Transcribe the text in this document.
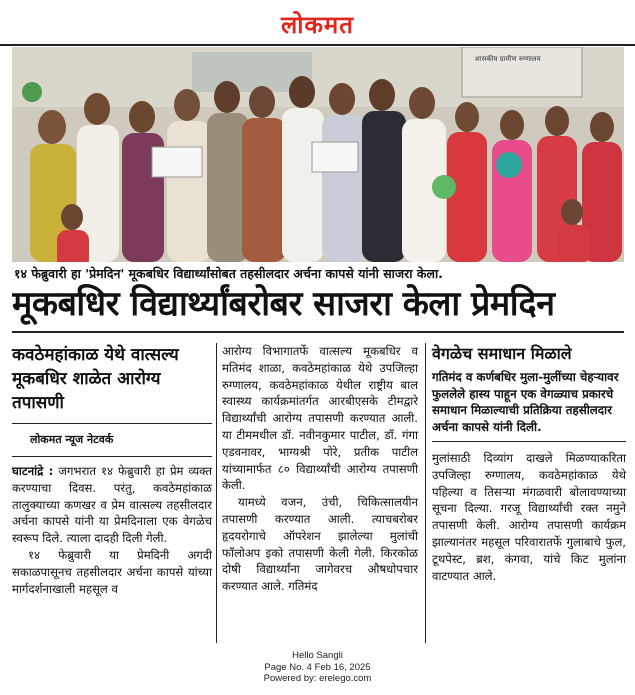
लोकमत
शासकीय ग्रामीण रुग्णालय
१४ फेब्रुवारी हा 'प्रेमदिन' मूकबधिर विद्यार्थ्यांसोबत तहसीलदार अर्चना कापसे यांनी साजरा केला.
मूकबधिर विद्यार्थ्यांबरोबर साजरा केला प्रेमदिन
कवठेमहांकाळ येथे वात्सल्य मूकबधिर शाळेत आरोग्य तपासणी
लोकमत न्यूज नेटवर्क

घाटनांद्रे : जगभरात १४ फेब्रुवारी हा प्रेम व्यक्त करण्याचा दिवस. परंतु, कवठेमहांकाळ तालुक्याच्या कणखर व प्रेम वात्सल्य तहसीलदार अर्चना कापसे यांनी या प्रेमदिनाला एक वेगळेच स्वरूप दिले. त्याला दादही दिली गेली.

१४ फेब्रुवारी या प्रेमदिनी अगदी सकाळपासूनच तहसीलदार अर्चना कापसे यांच्या मार्गदर्शनाखाली महसूल व

आरोग्य विभागातर्फे वात्सल्य मूकबधिर व मतिमंद शाळा, कवठेमहांकाळ येथे उपजिल्हा रुग्णालय, कवठेमहांकाळ येथील राष्ट्रीय बाल स्वास्थ्य कार्यक्रमांतर्गत आरबीएसके टीमद्वारे विद्यार्थ्यांची आरोग्य तपासणी करण्यात आली. या टीममधील डॉ. नवीनकुमार पाटील, डॉ. गंगा एडवनावर, भाग्यश्री पोरे, प्रतीक पाटील यांच्यामार्फत ८० विद्यार्थ्यांची आरोग्य तपासणी केली.

यामध्ये वजन, उंची, चिकित्सालयीन तपासणी करण्यात आली. त्याचबरोबर हृदयरोगाचे ऑपरेशन झालेल्या मुलांची फॉलोअप इको तपासणी केली गेली. किरकोळ दोषी विद्यार्थ्यांना जागेवरच औषधोपचार करण्यात आले. गतिमंद

वेगळेच समाधान मिळाले
गतिमंद व कर्णबधिर मुला-मुलींच्या चेहऱ्यावर फुललेले हास्य पाहून एक वेगळ्याच प्रकारचे समाधान मिळाल्याची प्रतिक्रिया तहसीलदार अर्चना कापसे यांनी दिली.

मुलांसाठी दिव्यांग दाखले मिळण्याकरिता उपजिल्हा रुग्णालय, कवठेमहांकाळ येथे पहिल्या व तिसऱ्या मंगळवारी बोलावण्याच्या सूचना दिल्या. गरजू विद्यार्थ्यांची रक्त नमुने तपासणी केली. आरोग्य तपासणी कार्यक्रम झाल्यानंतर महसूल परिवारातर्फे गुलाबाचे फुल, टूथपेस्ट, ब्रश, कंगवा, यांचे किट मुलांना वाटण्यात आले.

Hello Sangli
Page No. 4 Feb 16, 2025
Powered by: erelego.com
